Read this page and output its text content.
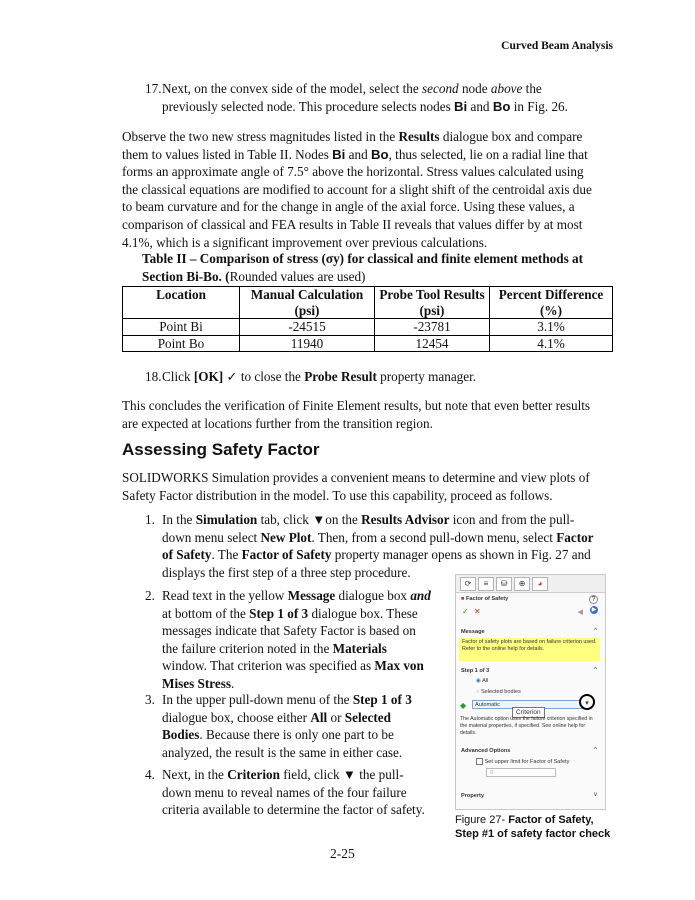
Curved Beam Analysis
17. Next, on the convex side of the model, select the second node above the
previously selected node. This procedure selects nodes Bi and Bo in Fig. 26.
Observe the two new stress magnitudes listed in the Results dialogue box and compare
them to values listed in Table II. Nodes Bi and Bo, thus selected, lie on a radial line that
forms an approximate angle of 7.5° above the horizontal. Stress values calculated using
the classical equations are modified to account for a slight shift of the centroidal axis due
to beam curvature and for the change in angle of the axial force. Using these values, a
comparison of classical and FEA results in Table II reveals that values differ by at most
4.1%, which is a significant improvement over previous calculations.
Table II – Comparison of stress (σy) for classical and finite element methods at
Section Bi-Bo. (Rounded values are used)
Location	Manual Calculation (psi)	Probe Tool Results (psi)	Percent Difference (%)
Point Bi	-24515	-23781	3.1%
Point Bo	11940	12454	4.1%
18. Click [OK] ✓ to close the Probe Result property manager.
This concludes the verification of Finite Element results, but note that even better results
are expected at locations further from the transition region.
Assessing Safety Factor
SOLIDWORKS Simulation provides a convenient means to determine and view plots of
Safety Factor distribution in the model. To use this capability, proceed as follows.
1. In the Simulation tab, click ▼on the Results Advisor icon and from the pull-
down menu select New Plot. Then, from a second pull-down menu, select Factor
of Safety. The Factor of Safety property manager opens as shown in Fig. 27 and
displays the first step of a three step procedure.
2. Read text in the yellow Message dialogue box and
at bottom of the Step 1 of 3 dialogue box. These
messages indicate that Safety Factor is based on
the failure criterion noted in the Materials
window. That criterion was specified as Max von
Mises Stress.
3. In the upper pull-down menu of the Step 1 of 3
dialogue box, choose either All or Selected
Bodies. Because there is only one part to be
analyzed, the result is the same in either case.
4. Next, in the Criterion field, click ▼ the pull-
down menu to reveal names of the four failure
criteria available to determine the factor of safety.
⟳	≡	⛁	⊕	◕
■ Factor of Safety	?
✓ ✕	◀ ▶
Message	^
Factor of safety plots are based on failure criterion used. Refer to the online help for details.
Step 1 of 3	^
◉ All
○ Selected bodies
◆	Automatic	▾
Criterion
The Automatic option uses the failure criterion specified in the material properties, if specified. See online help for details.
Advanced Options	^
Set upper limit for Factor of Safety
0
Property	v
Figure 27- Factor of Safety,
Step #1 of safety factor check
2-25
